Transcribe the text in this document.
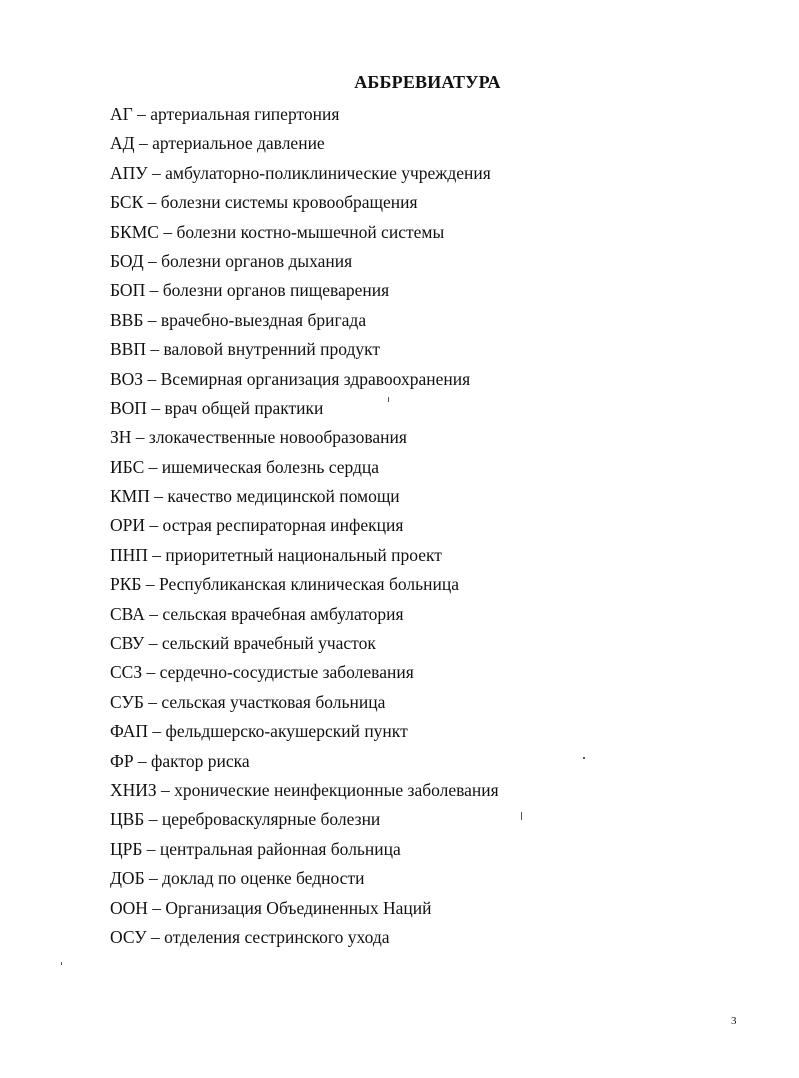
АББРЕВИАТУРА
АГ – артериальная гипертония
АД – артериальное давление
АПУ – амбулаторно-поликлинические учреждения
БСК – болезни системы кровообращения
БКМС – болезни костно-мышечной системы
БОД – болезни органов дыхания
БОП – болезни органов пищеварения
ВВБ – врачебно-выездная бригада
ВВП – валовой внутренний продукт
ВОЗ – Всемирная организация здравоохранения
ВОП – врач общей практики
ЗН – злокачественные новообразования
ИБС – ишемическая болезнь сердца
КМП – качество медицинской помощи
ОРИ – острая респираторная инфекция
ПНП – приоритетный национальный проект
РКБ – Республиканская клиническая больница
СВА – сельская врачебная амбулатория
СВУ – сельский врачебный участок
ССЗ – сердечно-сосудистые заболевания
СУБ – сельская участковая больница
ФАП – фельдшерско-акушерский пункт
ФР – фактор риска
ХНИЗ – хронические неинфекционные заболевания
ЦВБ – цереброваскулярные болезни
ЦРБ – центральная районная больница
ДОБ – доклад по оценке бедности
ООН – Организация Объединенных Наций
ОСУ – отделения сестринского ухода
3
